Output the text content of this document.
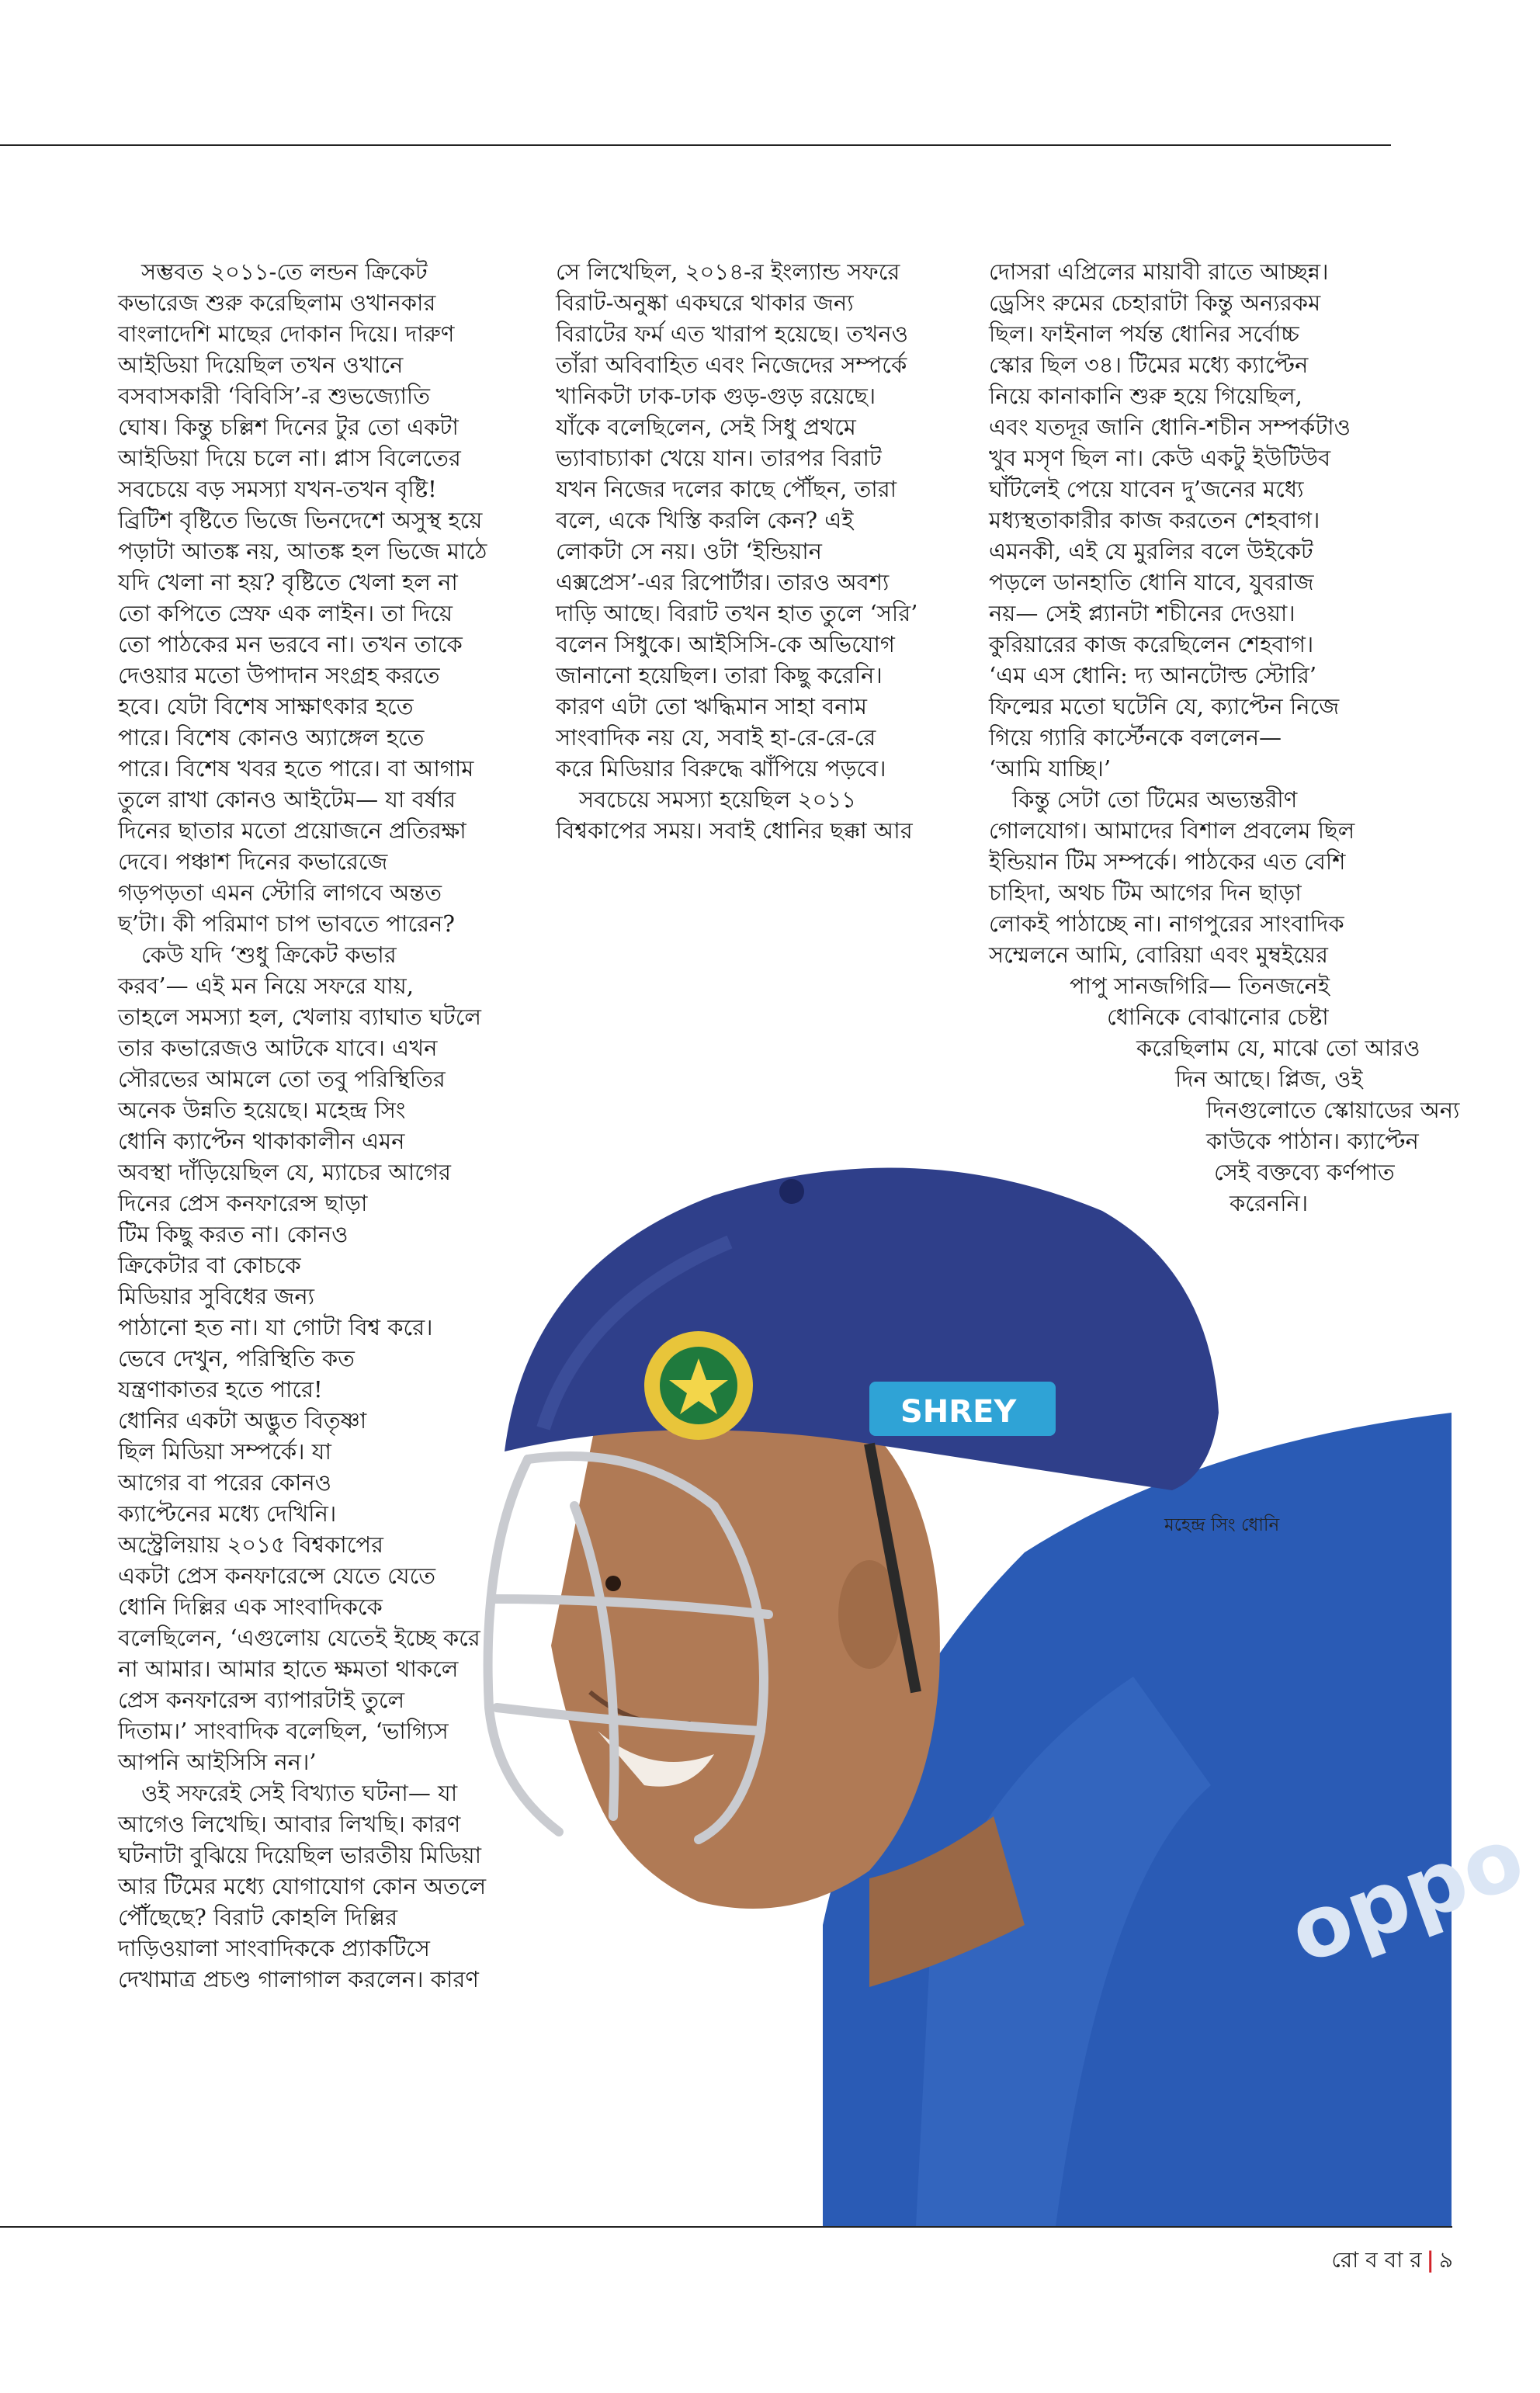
সম্ভবত ২০১১-তে লন্ডন ক্রিকেট

কভারেজ শুরু করেছিলাম ওখানকার

বাংলাদেশি মাছের দোকান দিয়ে। দারুণ

আইডিয়া দিয়েছিল তখন ওখানে

বসবাসকারী ‘বিবিসি’-র শুভজ্যোতি

ঘোষ। কিন্তু চল্লিশ দিনের টুর তো একটা

আইডিয়া দিয়ে চলে না। প্লাস বিলেতের

সবচেয়ে বড় সমস্যা যখন-তখন বৃষ্টি!

ব্রিটিশ বৃষ্টিতে ভিজে ভিনদেশে অসুস্থ হয়ে

পড়াটা আতঙ্ক নয়, আতঙ্ক হল ভিজে মাঠে

যদি খেলা না হয়? বৃষ্টিতে খেলা হল না

তো কপিতে স্রেফ এক লাইন। তা দিয়ে

তো পাঠকের মন ভরবে না। তখন তাকে

দেওয়ার মতো উপাদান সংগ্রহ করতে

হবে। যেটা বিশেষ সাক্ষাৎকার হতে

পারে। বিশেষ কোনও অ্যাঙ্গেল হতে

পারে। বিশেষ খবর হতে পারে। বা আগাম

তুলে রাখা কোনও আইটেম— যা বর্ষার

দিনের ছাতার মতো প্রয়োজনে প্রতিরক্ষা

দেবে। পঞ্চাশ দিনের কভারেজে

গড়পড়তা এমন স্টোরি লাগবে অন্তত

ছ’টা। কী পরিমাণ চাপ ভাবতে পারেন?

কেউ যদি ‘শুধু ক্রিকেট কভার

করব’— এই মন নিয়ে সফরে যায়,

তাহলে সমস্যা হল, খেলায় ব্যাঘাত ঘটলে

তার কভারেজও আটকে যাবে। এখন

সৌরভের আমলে তো তবু পরিস্থিতির

অনেক উন্নতি হয়েছে। মহেন্দ্র সিং

ধোনি ক্যাপ্টেন থাকাকালীন এমন

অবস্থা দাঁড়িয়েছিল যে, ম্যাচের আগের

দিনের প্রেস কনফারেন্স ছাড়া

টিম কিছু করত না। কোনও

ক্রিকেটার বা কোচকে

মিডিয়ার সুবিধের জন্য

পাঠানো হত না। যা গোটা বিশ্ব করে।

ভেবে দেখুন, পরিস্থিতি কত

যন্ত্রণাকাতর হতে পারে!

ধোনির একটা অদ্ভুত বিতৃষ্ণা

ছিল মিডিয়া সম্পর্কে। যা

আগের বা পরের কোনও

ক্যাপ্টেনের মধ্যে দেখিনি।

অস্ট্রেলিয়ায় ২০১৫ বিশ্বকাপের

একটা প্রেস কনফারেন্সে যেতে যেতে

ধোনি দিল্লির এক সাংবাদিককে

বলেছিলেন, ‘এগুলোয় যেতেই ইচ্ছে করে

না আমার। আমার হাতে ক্ষমতা থাকলে

প্রেস কনফারেন্স ব্যাপারটাই তুলে

দিতাম।’ সাংবাদিক বলেছিল, ‘ভাগ্যিস

আপনি আইসিসি নন।’

ওই সফরেই সেই বিখ্যাত ঘটনা— যা

আগেও লিখেছি। আবার লিখছি। কারণ

ঘটনাটা বুঝিয়ে দিয়েছিল ভারতীয় মিডিয়া

আর টিমের মধ্যে যোগাযোগ কোন অতলে

পৌঁছেছে? বিরাট কোহলি দিল্লির

দাড়িওয়ালা সাংবাদিককে প্র্যাকটিসে

দেখামাত্র প্রচণ্ড গালাগাল করলেন। কারণ

সে লিখেছিল, ২০১৪-র ইংল্যান্ড সফরে

বিরাট-অনুষ্কা একঘরে থাকার জন্য

বিরাটের ফর্ম এত খারাপ হয়েছে। তখনও

তাঁরা অবিবাহিত এবং নিজেদের সম্পর্কে

খানিকটা ঢাক-ঢাক গুড়-গুড় রয়েছে।

যাঁকে বলেছিলেন, সেই সিধু প্রথমে

ভ্যাবাচ্যাকা খেয়ে যান। তারপর বিরাট

যখন নিজের দলের কাছে পৌঁছন, তারা

বলে, একে খিস্তি করলি কেন? এই

লোকটা সে নয়। ওটা ‘ইন্ডিয়ান

এক্সপ্রেস’-এর রিপোর্টার। তারও অবশ্য

দাড়ি আছে। বিরাট তখন হাত তুলে ‘সরি’

বলেন সিধুকে। আইসিসি-কে অভিযোগ

জানানো হয়েছিল। তারা কিছু করেনি।

কারণ এটা তো ঋদ্ধিমান সাহা বনাম

সাংবাদিক নয় যে, সবাই হা-রে-রে-রে

করে মিডিয়ার বিরুদ্ধে ঝাঁপিয়ে পড়বে।

সবচেয়ে সমস্যা হয়েছিল ২০১১

বিশ্বকাপের সময়। সবাই ধোনির ছক্কা আর

দোসরা এপ্রিলের মায়াবী রাতে আচ্ছন্ন।

ড্রেসিং রুমের চেহারাটা কিন্তু অন্যরকম

ছিল। ফাইনাল পর্যন্ত ধোনির সর্বোচ্চ

স্কোর ছিল ৩৪। টিমের মধ্যে ক্যাপ্টেন

নিয়ে কানাকানি শুরু হয়ে গিয়েছিল,

এবং যতদূর জানি ধোনি-শচীন সম্পর্কটাও

খুব মসৃণ ছিল না। কেউ একটু ইউটিউব

ঘাঁটলেই পেয়ে যাবেন দু’জনের মধ্যে

মধ্যস্থতাকারীর কাজ করতেন শেহবাগ।

এমনকী, এই যে মুরলির বলে উইকেট

পড়লে ডানহাতি ধোনি যাবে, যুবরাজ

নয়— সেই প্ল্যানটা শচীনের দেওয়া।

কুরিয়ারের কাজ করেছিলেন শেহবাগ।

‘এম এস ধোনি: দ্য আনটোল্ড স্টোরি’

ফিল্মের মতো ঘটেনি যে, ক্যাপ্টেন নিজে

গিয়ে গ্যারি কার্স্টেনকে বললেন—

‘আমি যাচ্ছি।’

কিন্তু সেটা তো টিমের অভ্যন্তরীণ

গোলযোগ। আমাদের বিশাল প্রবলেম ছিল

ইন্ডিয়ান টিম সম্পর্কে। পাঠকের এত বেশি

চাহিদা, অথচ টিম আগের দিন ছাড়া

লোকই পাঠাচ্ছে না। নাগপুরের সাংবাদিক

সম্মেলনে আমি, বোরিয়া এবং মুম্বইয়ের

পাপু সানজগিরি— তিনজনেই

ধোনিকে বোঝানোর চেষ্টা

করেছিলাম যে, মাঝে তো আরও

দিন আছে। প্লিজ, ওই

দিনগুলোতে স্কোয়াডের অন্য

কাউকে পাঠান। ক্যাপ্টেন

সেই বক্তব্যে কর্ণপাত

করেননি।

oppo
SHREY
মহেন্দ্র সিং ধোনি
রো ব বা র | ৯
